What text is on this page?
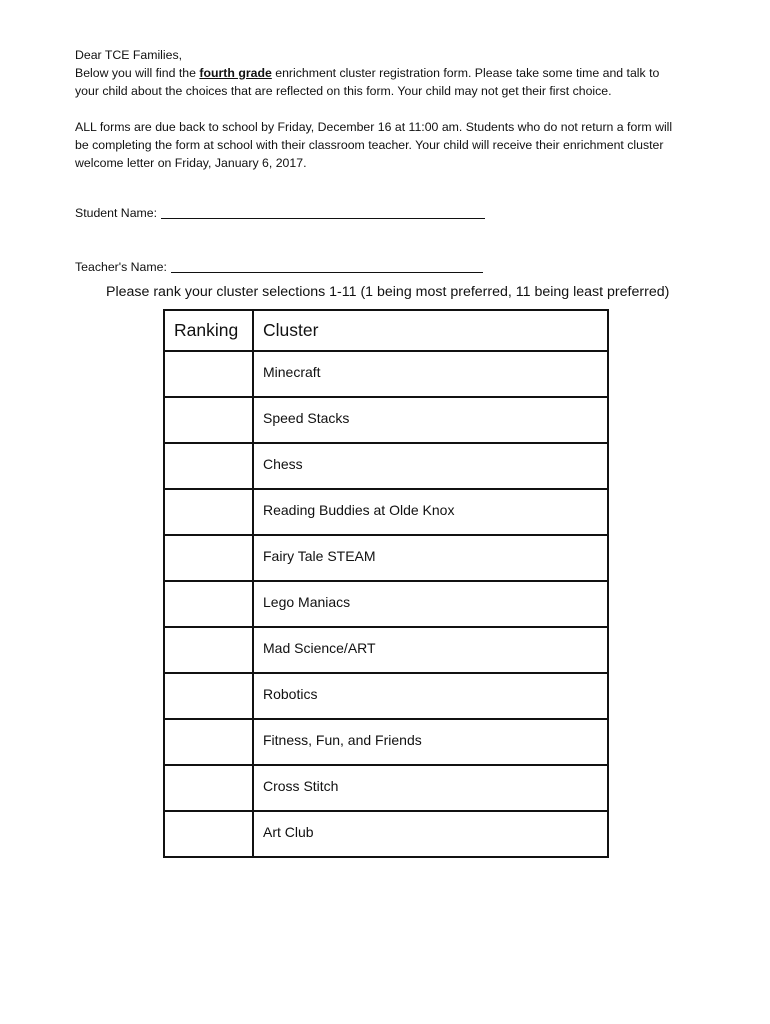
Dear TCE Families,

Below you will find the fourth grade enrichment cluster registration form. Please take some time and talk to
your child about the choices that are reflected on this form. Your child may not get their first choice.

ALL forms are due back to school by Friday, December 16 at 11:00 am. Students who do not return a form will
be completing the form at school with their classroom teacher. Your child will receive their enrichment cluster
welcome letter on Friday, January 6, 2017.

Student Name:
Teacher's Name:
Please rank your cluster selections 1-11 (1 being most preferred, 11 being least preferred)
Ranking	Cluster
	Minecraft
	Speed Stacks
	Chess
	Reading Buddies at Olde Knox
	Fairy Tale STEAM
	Lego Maniacs
	Mad Science/ART
	Robotics
	Fitness, Fun, and Friends
	Cross Stitch
	Art Club
